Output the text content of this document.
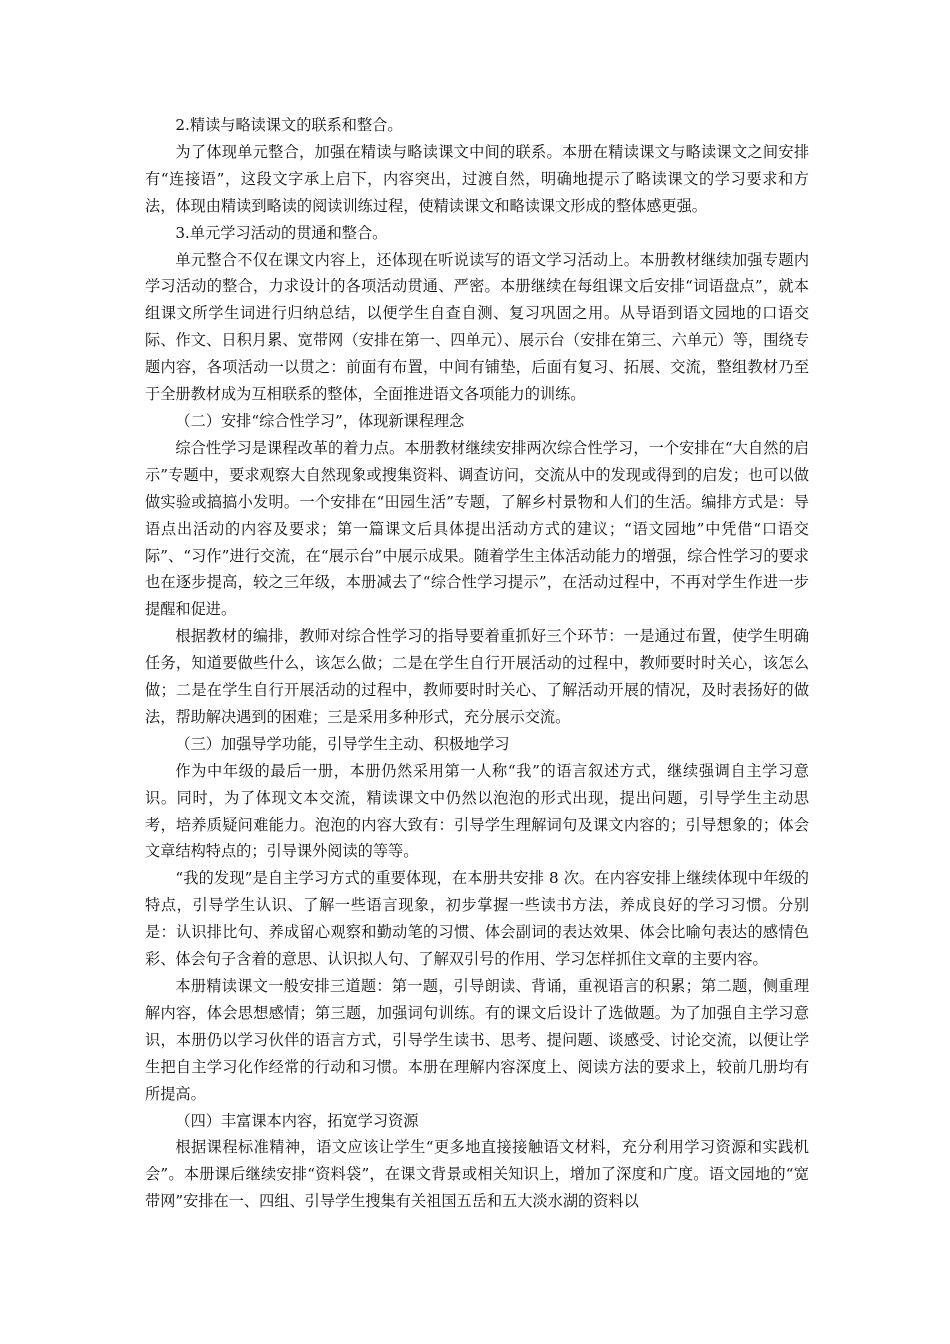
2.精读与略读课文的联系和整合。

为了体现单元整合，加强在精读与略读课文中间的联系。本册在精读课文与略读课文之间安排有“连接语”，这段文字承上启下，内容突出，过渡自然，明确地提示了略读课文的学习要求和方法，体现由精读到略读的阅读训练过程，使精读课文和略读课文形成的整体感更强。

3.单元学习活动的贯通和整合。

单元整合不仅在课文内容上，还体现在听说读写的语文学习活动上。本册教材继续加强专题内学习活动的整合，力求设计的各项活动贯通、严密。本册继续在每组课文后安排“词语盘点”，就本组课文所学生词进行归纳总结，以便学生自查自测、复习巩固之用。从导语到语文园地的口语交际、作文、日积月累、宽带网（安排在第一、四单元）、展示台（安排在第三、六单元）等，围绕专题内容，各项活动一以贯之：前面有布置，中间有铺垫，后面有复习、拓展、交流，整组教材乃至于全册教材成为互相联系的整体，全面推进语文各项能力的训练。

（二）安排“综合性学习”，体现新课程理念

综合性学习是课程改革的着力点。本册教材继续安排两次综合性学习，一个安排在“大自然的启示”专题中，要求观察大自然现象或搜集资料、调查访问，交流从中的发现或得到的启发；也可以做做实验或搞搞小发明。一个安排在“田园生活”专题，了解乡村景物和人们的生活。编排方式是：导语点出活动的内容及要求；第一篇课文后具体提出活动方式的建议；“语文园地”中凭借“口语交际”、“习作”进行交流，在“展示台”中展示成果。随着学生主体活动能力的增强，综合性学习的要求也在逐步提高，较之三年级，本册减去了“综合性学习提示”，在活动过程中，不再对学生作进一步提醒和促进。

根据教材的编排，教师对综合性学习的指导要着重抓好三个环节：一是通过布置，使学生明确任务，知道要做些什么，该怎么做；二是在学生自行开展活动的过程中，教师要时时关心，该怎么做；二是在学生自行开展活动的过程中，教师要时时关心、了解活动开展的情况，及时表扬好的做法，帮助解决遇到的困难；三是采用多种形式，充分展示交流。

（三）加强导学功能，引导学生主动、积极地学习

作为中年级的最后一册，本册仍然采用第一人称“我”的语言叙述方式，继续强调自主学习意识。同时，为了体现文本交流，精读课文中仍然以泡泡的形式出现，提出问题，引导学生主动思考，培养质疑问难能力。泡泡的内容大致有：引导学生理解词句及课文内容的；引导想象的；体会文章结构特点的；引导课外阅读的等等。

“我的发现”是自主学习方式的重要体现，在本册共安排 8 次。在内容安排上继续体现中年级的特点，引导学生认识、了解一些语言现象，初步掌握一些读书方法，养成良好的学习习惯。分别是：认识排比句、养成留心观察和勤动笔的习惯、体会副词的表达效果、体会比喻句表达的感情色彩、体会句子含着的意思、认识拟人句、了解双引号的作用、学习怎样抓住文章的主要内容。

本册精读课文一般安排三道题：第一题，引导朗读、背诵，重视语言的积累；第二题，侧重理解内容，体会思想感情；第三题，加强词句训练。有的课文后设计了选做题。为了加强自主学习意识，本册仍以学习伙伴的语言方式，引导学生读书、思考、提问题、谈感受、讨论交流，以便让学生把自主学习化作经常的行动和习惯。本册在理解内容深度上、阅读方法的要求上，较前几册均有所提高。

（四）丰富课本内容，拓宽学习资源

根据课程标准精神，语文应该让学生“更多地直接接触语文材料，充分利用学习资源和实践机会”。本册课后继续安排“资料袋”，在课文背景或相关知识上，增加了深度和广度。语文园地的“宽带网”安排在一、四组、引导学生搜集有关祖国五岳和五大淡水湖的资料以
